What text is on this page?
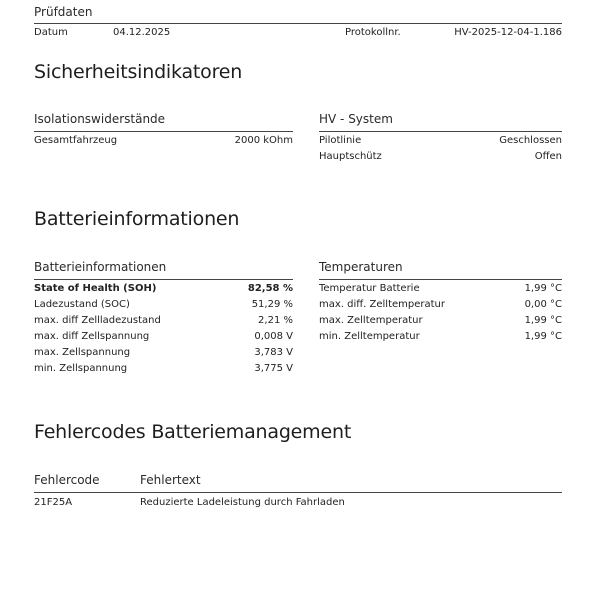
Prüfdaten
Datum	04.12.2025	Protokollnr.	HV-2025-12-04-1.186
Sicherheitsindikatoren
Isolationswiderstände
Gesamtfahrzeug	2000 kOhm
HV - System
Pilotlinie	Geschlossen
Hauptschütz	Offen
Batterieinformationen
Batterieinformationen
State of Health (SOH)	82,58 %
Ladezustand (SOC)	51,29 %
max. diff Zellladezustand	2,21 %
max. diff Zellspannung	0,008 V
max. Zellspannung	3,783 V
min. Zellspannung	3,775 V
Temperaturen
Temperatur Batterie	1,99 °C
max. diff. Zelltemperatur	0,00 °C
max. Zelltemperatur	1,99 °C
min. Zelltemperatur	1,99 °C
Fehlercodes Batteriemanagement
Fehlercode	Fehlertext
21F25A	Reduzierte Ladeleistung durch Fahrladen
